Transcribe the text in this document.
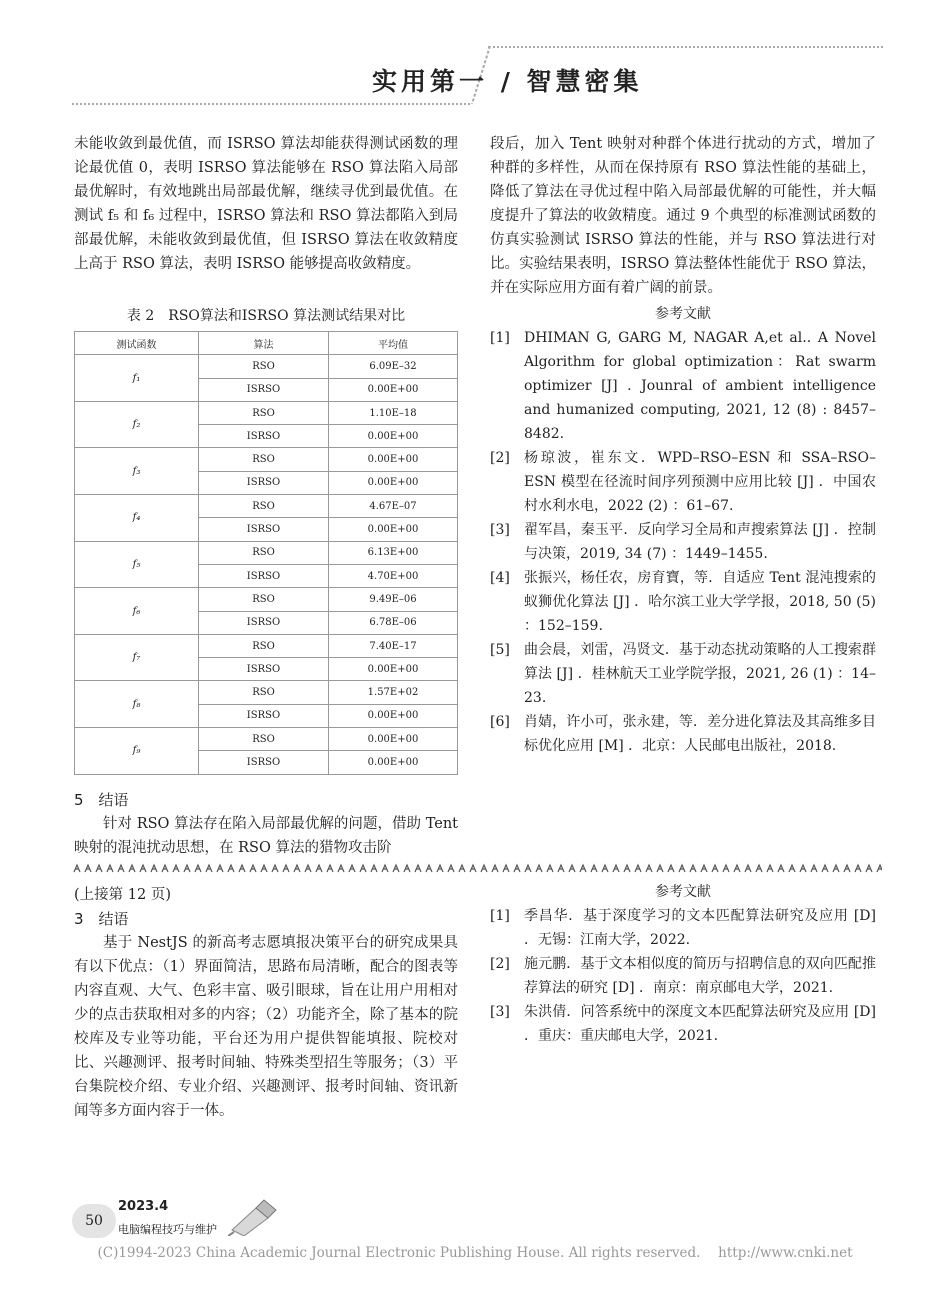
实用第一 / 智慧密集

未能收敛到最优值，而 ISRSO 算法却能获得测试函数的理论最优值 0，表明 ISRSO 算法能够在 RSO 算法陷入局部最优解时，有效地跳出局部最优解，继续寻优到最优值。在测试 f₅ 和 f₆ 过程中，ISRSO 算法和 RSO 算法都陷入到局部最优解，未能收敛到最优值，但 ISRSO 算法在收敛精度上高于 RSO 算法，表明 ISRSO 能够提高收敛精度。

表 2　RSO算法和ISRSO 算法测试结果对比
测试函数	算法	平均值
f₁	RSO	6.09E–32
	ISRSO	0.00E+00
f₂	RSO	1.10E–18
	ISRSO	0.00E+00
f₃	RSO	0.00E+00
	ISRSO	0.00E+00
f₄	RSO	4.67E–07
	ISRSO	0.00E+00
f₅	RSO	6.13E+00
	ISRSO	4.70E+00
f₆	RSO	9.49E–06
	ISRSO	6.78E–06
f₇	RSO	7.40E–17
	ISRSO	0.00E+00
f₈	RSO	1.57E+02
	ISRSO	0.00E+00
f₉	RSO	0.00E+00
	ISRSO	0.00E+00
5　结语

针对 RSO 算法存在陷入局部最优解的问题，借助 Tent 映射的混沌扰动思想，在 RSO 算法的猎物攻击阶

段后，加入 Tent 映射对种群个体进行扰动的方式，增加了种群的多样性，从而在保持原有 RSO 算法性能的基础上，降低了算法在寻优过程中陷入局部最优解的可能性，并大幅度提升了算法的收敛精度。通过 9 个典型的标准测试函数的仿真实验测试 ISRSO 算法的性能，并与 RSO 算法进行对比。实验结果表明，ISRSO 算法整体性能优于 RSO 算法，并在实际应用方面有着广阔的前景。

参考文献
[1]	DHIMAN G, GARG M, NAGAR A,et al.. A Novel Algorithm for global optimization：Rat swarm optimizer [J] . Jounral of ambient intelligence and humanized computing, 2021, 12 (8) : 8457–8482.
[2]	杨琼波，崔东文．WPD–RSO–ESN 和 SSA–RSO–ESN 模型在径流时间序列预测中应用比较 [J] ．中国农村水利水电，2022 (2) ：61–67.
[3]	翟军昌，秦玉平．反向学习全局和声搜索算法 [J] ．控制与决策，2019, 34 (7) ：1449–1455.
[4]	张振兴，杨任农，房育寶，等．自适应 Tent 混沌搜索的蚁狮优化算法 [J] ．哈尔滨工业大学学报，2018, 50 (5) ：152–159.
[5]	曲会晨，刘雷，冯贤文．基于动态扰动策略的人工搜索群算法 [J] ．桂林航天工业学院学报，2021, 26 (1) ：14–23.
[6]	肖婧，许小可，张永建，等．差分进化算法及其高维多目标优化应用 [M] ．北京：人民邮电出版社，2018.
(上接第 12 页)
3　结语

基于 NestJS 的新高考志愿填报决策平台的研究成果具有以下优点：（1）界面简洁，思路布局清晰，配合的图表等内容直观、大气、色彩丰富、吸引眼球，旨在让用户用相对少的点击获取相对多的内容；（2）功能齐全，除了基本的院校库及专业等功能，平台还为用户提供智能填报、院校对比、兴趣测评、报考时间轴、特殊类型招生等服务；（3）平台集院校介绍、专业介绍、兴趣测评、报考时间轴、资讯新闻等多方面内容于一体。

参考文献
[1]	季昌华．基于深度学习的文本匹配算法研究及应用 [D] ．无锡：江南大学，2022.
[2]	施元鹏．基于文本相似度的简历与招聘信息的双向匹配推荐算法的研究 [D] ．南京：南京邮电大学，2021.
[3]	朱洪倩．问答系统中的深度文本匹配算法研究及应用 [D] ．重庆：重庆邮电大学，2021.
50
2023.4
电脑编程技巧与维护
(C)1994-2023 China Academic Journal Electronic Publishing House. All rights reserved.　 http://www.cnki.net
